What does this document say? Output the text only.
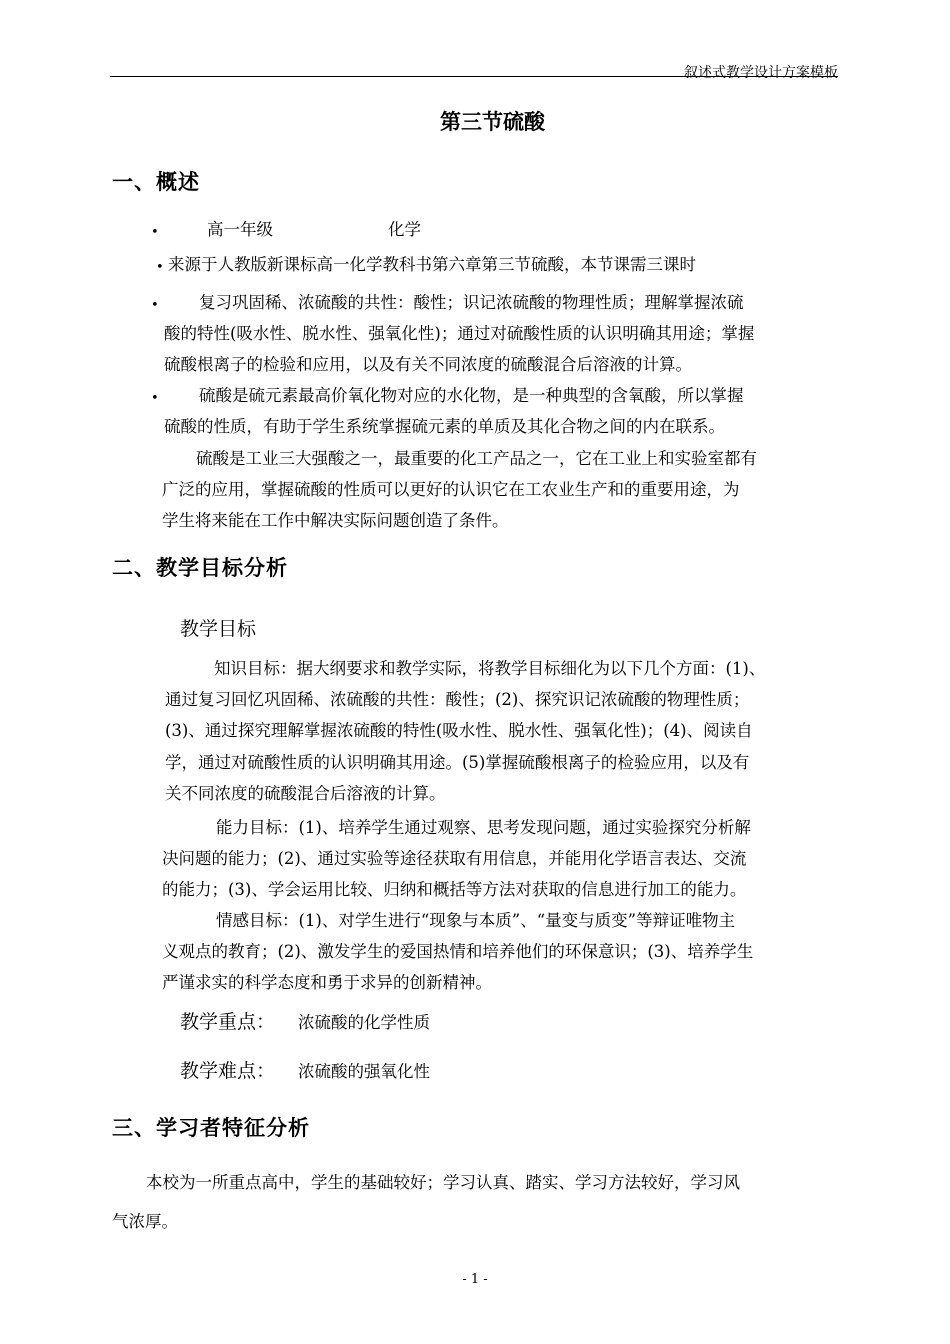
叙述式教学设计方案模板
第三节硫酸
一、概述
•	高一年级	化学
• 来源于人教版新课标高一化学教科书第六章第三节硫酸，本节课需三课时
• 复习巩固稀、浓硫酸的共性：酸性；识记浓硫酸的物理性质；理解掌握浓硫
酸的特性(吸水性、脱水性、强氧化性)；通过对硫酸性质的认识明确其用途；掌握
硫酸根离子的检验和应用，以及有关不同浓度的硫酸混合后溶液的计算。
• 硫酸是硫元素最高价氧化物对应的水化物，是一种典型的含氧酸，所以掌握
硫酸的性质，有助于学生系统掌握硫元素的单质及其化合物之间的内在联系。
硫酸是工业三大强酸之一，最重要的化工产品之一，它在工业上和实验室都有
广泛的应用，掌握硫酸的性质可以更好的认识它在工农业生产和的重要用途，为
学生将来能在工作中解决实际问题创造了条件。
二、教学目标分析
教学目标
知识目标：据大纲要求和教学实际，将教学目标细化为以下几个方面：(1)、
通过复习回忆巩固稀、浓硫酸的共性：酸性；(2)、探究识记浓硫酸的物理性质；
(3)、通过探究理解掌握浓硫酸的特性(吸水性、脱水性、强氧化性)；(4)、阅读自
学，通过对硫酸性质的认识明确其用途。(5)掌握硫酸根离子的检验应用，以及有
关不同浓度的硫酸混合后溶液的计算。
能力目标：(1)、培养学生通过观察、思考发现问题，通过实验探究分析解
决问题的能力；(2)、通过实验等途径获取有用信息，并能用化学语言表达、交流
的能力；(3)、学会运用比较、归纳和概括等方法对获取的信息进行加工的能力。
情感目标：(1)、对学生进行“现象与本质”、“量变与质变”等辩证唯物主
义观点的教育；(2)、激发学生的爱国热情和培养他们的环保意识；(3)、培养学生
严谨求实的科学态度和勇于求异的创新精神。
教学重点： 浓硫酸的化学性质
教学难点： 浓硫酸的强氧化性
三、学习者特征分析
本校为一所重点高中，学生的基础较好；学习认真、踏实、学习方法较好，学习风
气浓厚。
- 1 -
